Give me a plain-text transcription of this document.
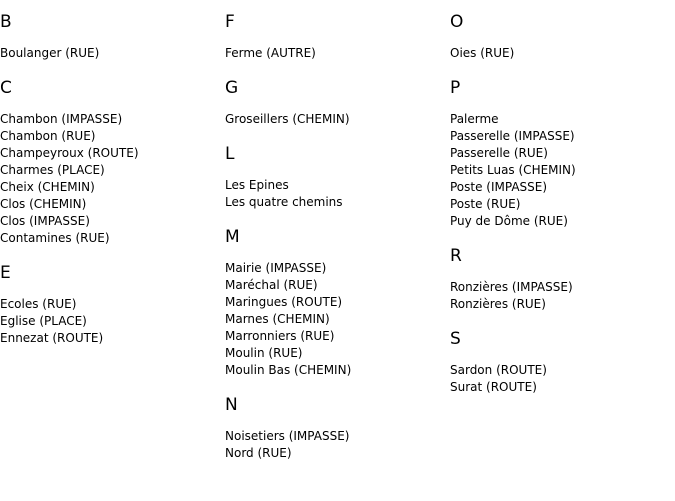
B
Boulanger (RUE)
C
Chambon (IMPASSE)
Chambon (RUE)
Champeyroux (ROUTE)
Charmes (PLACE)
Cheix (CHEMIN)
Clos (CHEMIN)
Clos (IMPASSE)
Contamines (RUE)
E
Ecoles (RUE)
Eglise (PLACE)
Ennezat (ROUTE)
F
Ferme (AUTRE)
G
Groseillers (CHEMIN)
L
Les Epines
Les quatre chemins
M
Mairie (IMPASSE)
Maréchal (RUE)
Maringues (ROUTE)
Marnes (CHEMIN)
Marronniers (RUE)
Moulin (RUE)
Moulin Bas (CHEMIN)
N
Noisetiers (IMPASSE)
Nord (RUE)
O
Oies (RUE)
P
Palerme
Passerelle (IMPASSE)
Passerelle (RUE)
Petits Luas (CHEMIN)
Poste (IMPASSE)
Poste (RUE)
Puy de Dôme (RUE)
R
Ronzières (IMPASSE)
Ronzières (RUE)
S
Sardon (ROUTE)
Surat (ROUTE)
